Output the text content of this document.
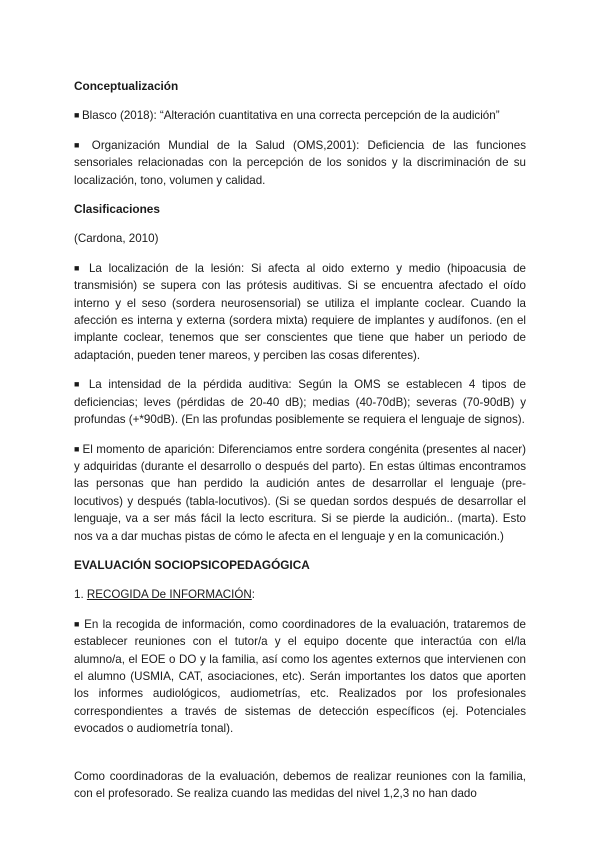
Conceptualización
■ Blasco (2018): “Alteración cuantitativa en una correcta percepción de la audición”
■ Organización Mundial de la Salud (OMS,2001): Deficiencia de las funciones sensoriales relacionadas con la percepción de los sonidos y la discriminación de su localización, tono, volumen y calidad.
Clasificaciones
(Cardona, 2010)
■ La localización de la lesión: Si afecta al oido externo y medio (hipoacusia de transmisión) se supera con las prótesis auditivas. Si se encuentra afectado el oído interno y el seso (sordera neurosensorial) se utiliza el implante coclear. Cuando la afección es interna y externa (sordera mixta) requiere de implantes y audífonos. (en el implante coclear, tenemos que ser conscientes que tiene que haber un periodo de adaptación, pueden tener mareos, y perciben las cosas diferentes).
■ La intensidad de la pérdida auditiva: Según la OMS se establecen 4 tipos de deficiencias; leves (pérdidas de 20-40 dB); medias (40-70dB); severas (70-90dB) y profundas (+*90dB). (En las profundas posiblemente se requiera el lenguaje de signos).
■ El momento de aparición: Diferenciamos entre sordera congénita (presentes al nacer) y adquiridas (durante el desarrollo o después del parto). En estas últimas encontramos las personas que han perdido la audición antes de desarrollar el lenguaje (pre-locutivos) y después (tabla-locutivos). (Si se quedan sordos después de desarrollar el lenguaje, va a ser más fácil la lecto escritura. Si se pierde la audición.. (marta). Esto nos va a dar muchas pistas de cómo le afecta en el lenguaje y en la comunicación.)
EVALUACIÓN SOCIOPSICOPEDAGÓGICA
1. RECOGIDA De INFORMACIÓN:
■ En la recogida de información, como coordinadores de la evaluación, trataremos de establecer reuniones con el tutor/a y el equipo docente que interactúa con el/la alumno/a, el EOE o DO y la familia, así como los agentes externos que intervienen con el alumno (USMIA, CAT, asociaciones, etc). Serán importantes los datos que aporten los informes audiológicos, audiometrías, etc. Realizados por los profesionales correspondientes a través de sistemas de detección específicos (ej. Potenciales evocados o audiometría tonal).
Como coordinadoras de la evaluación, debemos de realizar reuniones con la familia, con el profesorado. Se realiza cuando las medidas del nivel 1,2,3 no han dado
